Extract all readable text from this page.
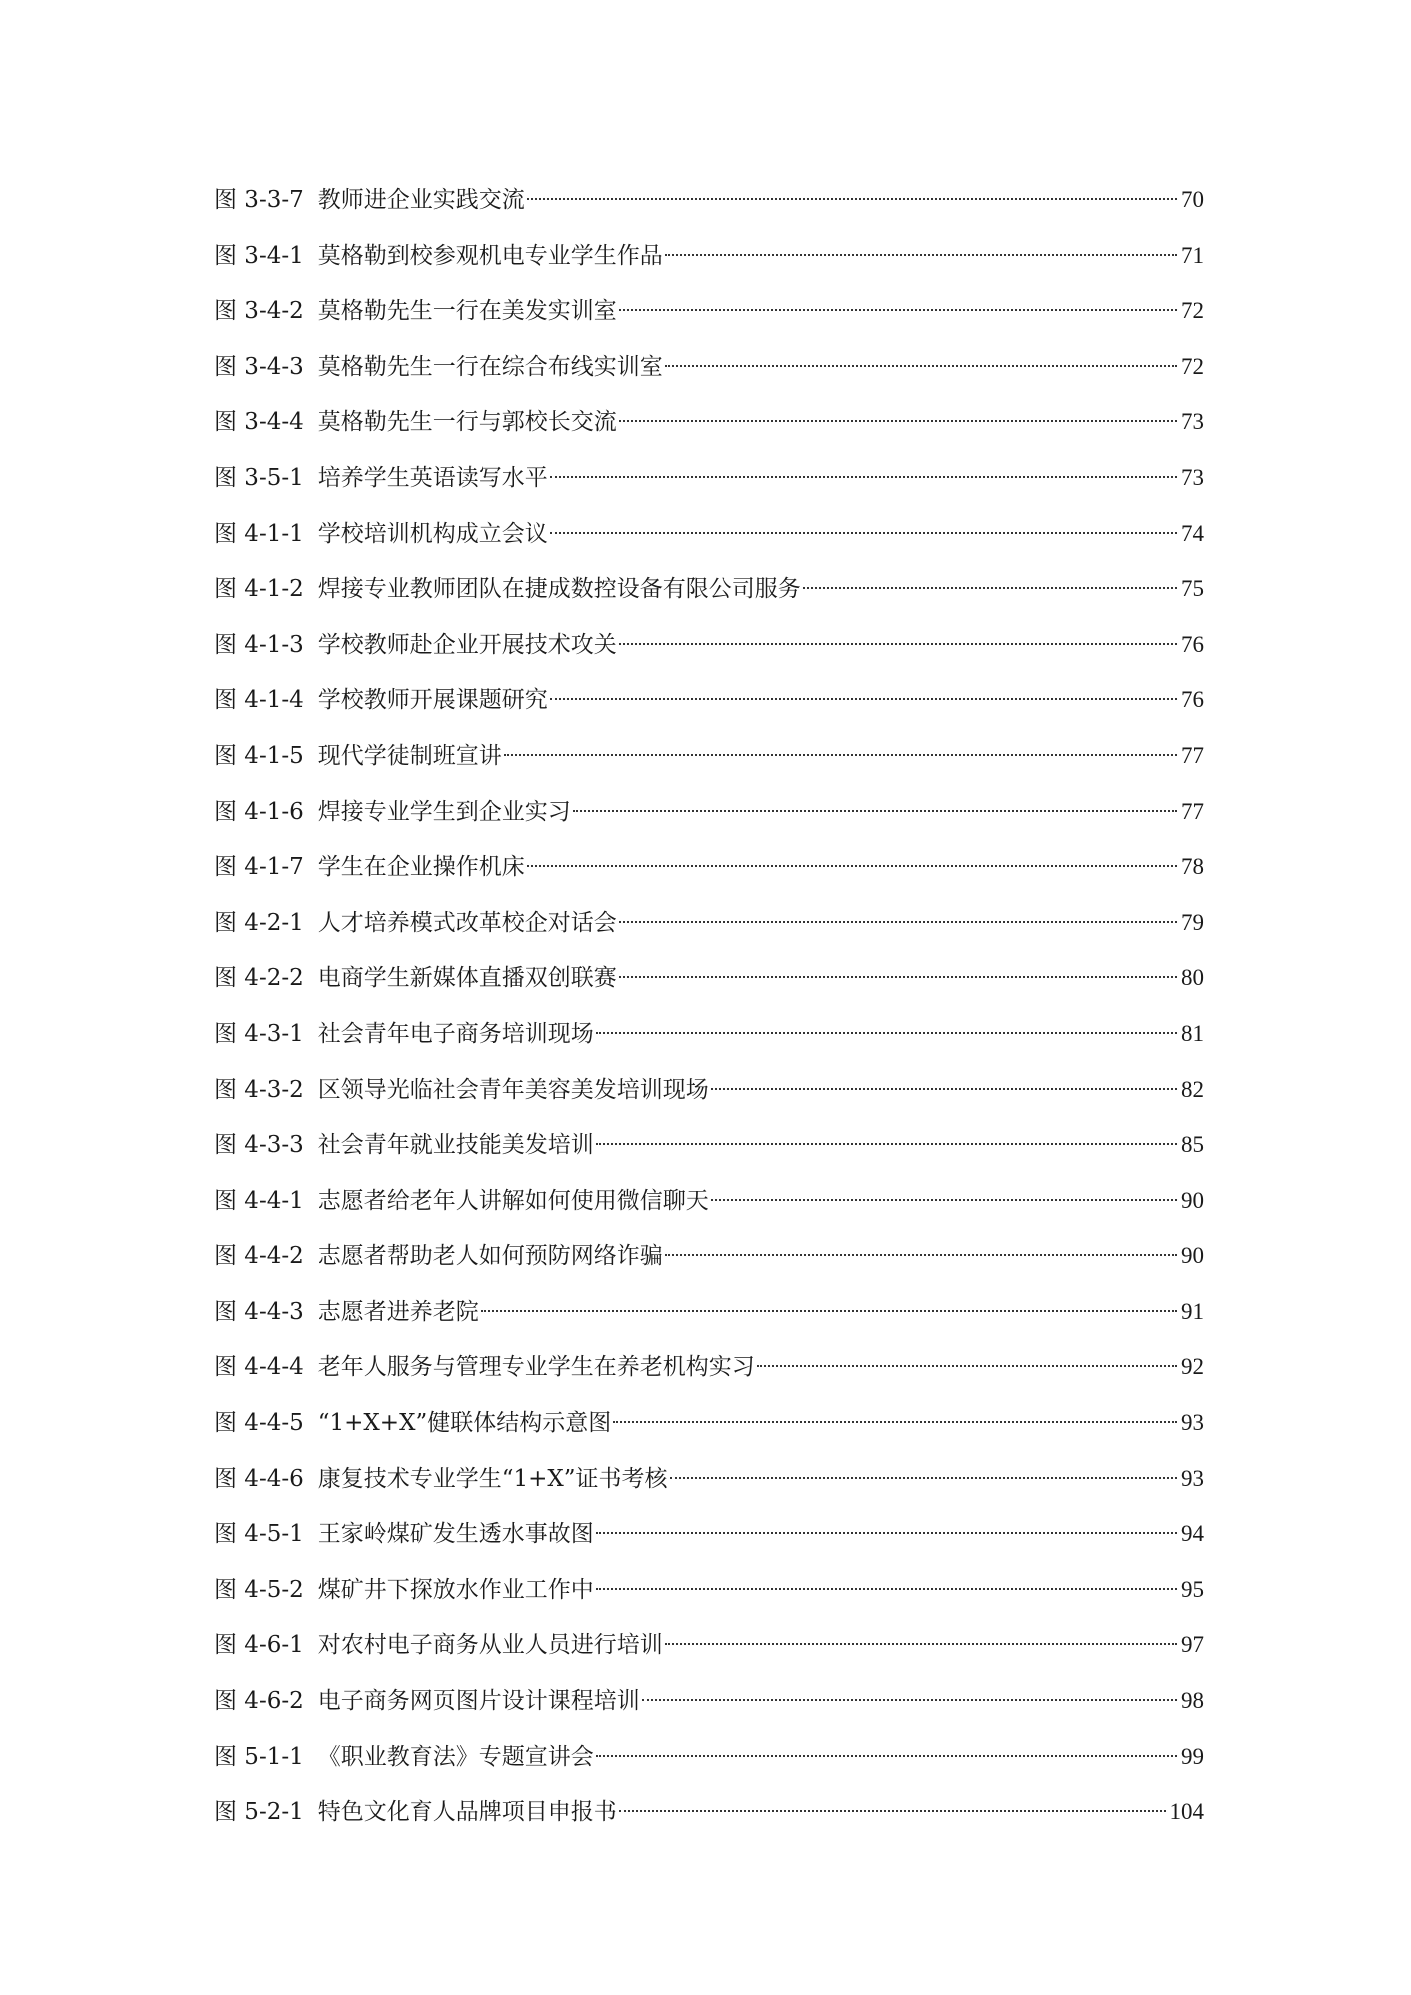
图 3-3-7 教师进企业实践交流	70
图 3-4-1 莫格勒到校参观机电专业学生作品	71
图 3-4-2 莫格勒先生一行在美发实训室	72
图 3-4-3 莫格勒先生一行在综合布线实训室	72
图 3-4-4 莫格勒先生一行与郭校长交流	73
图 3-5-1 培养学生英语读写水平	73
图 4-1-1 学校培训机构成立会议	74
图 4-1-2 焊接专业教师团队在捷成数控设备有限公司服务	75
图 4-1-3 学校教师赴企业开展技术攻关	76
图 4-1-4 学校教师开展课题研究	76
图 4-1-5 现代学徒制班宣讲	77
图 4-1-6 焊接专业学生到企业实习	77
图 4-1-7 学生在企业操作机床	78
图 4-2-1 人才培养模式改革校企对话会	79
图 4-2-2 电商学生新媒体直播双创联赛	80
图 4-3-1 社会青年电子商务培训现场	81
图 4-3-2 区领导光临社会青年美容美发培训现场	82
图 4-3-3 社会青年就业技能美发培训	85
图 4-4-1 志愿者给老年人讲解如何使用微信聊天	90
图 4-4-2 志愿者帮助老人如何预防网络诈骗	90
图 4-4-3 志愿者进养老院	91
图 4-4-4 老年人服务与管理专业学生在养老机构实习	92
图 4-4-5 “1+X+X”健联体结构示意图	93
图 4-4-6 康复技术专业学生“1+X”证书考核	93
图 4-5-1 王家岭煤矿发生透水事故图	94
图 4-5-2 煤矿井下探放水作业工作中	95
图 4-6-1 对农村电子商务从业人员进行培训	97
图 4-6-2 电子商务网页图片设计课程培训	98
图 5-1-1 《职业教育法》专题宣讲会	99
图 5-2-1 特色文化育人品牌项目申报书	104
